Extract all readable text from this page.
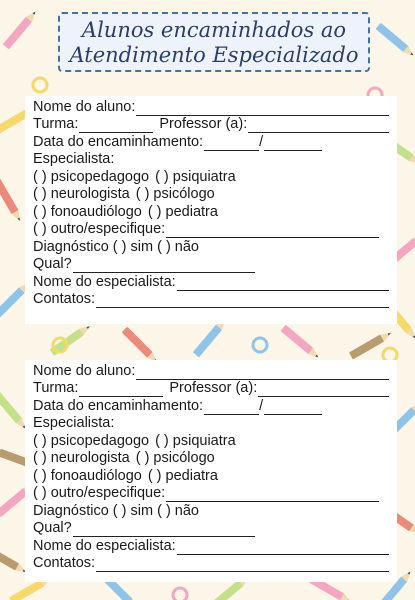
Alunos encaminhados ao
Atendimento Especializado
Nome do aluno:
Turma:	Professor (a):
Data do encaminhamento:	/
Especialista:
( ) psicopedagogo ( ) psiquiatra
( ) neurologista ( ) psicólogo
( ) fonoaudiólogo ( ) pediatra
( ) outro/especifique:
Diagnóstico ( ) sim ( ) não
Qual?
Nome do especialista:
Contatos:
Nome do aluno:
Turma:	Professor (a):
Data do encaminhamento:	/
Especialista:
( ) psicopedagogo ( ) psiquiatra
( ) neurologista ( ) psicólogo
( ) fonoaudiólogo ( ) pediatra
( ) outro/especifique:
Diagnóstico ( ) sim ( ) não
Qual?
Nome do especialista:
Contatos:
